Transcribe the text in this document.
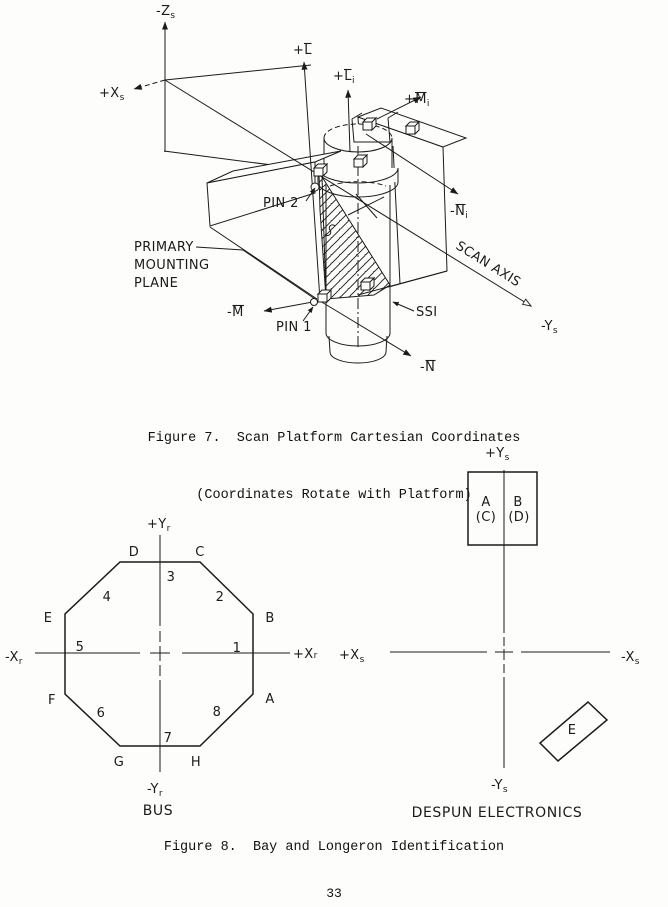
$-Z_s$
$+X_s$
$-Y_s$
+L
$+L_i$
$+M_i$
$-N_i$
-M
-N
PIN 2
PIN 1
PRIMARY
MOUNTING
PLANE
SSI
SCAN AXIS

Figure 7.  Scan Platform Cartesian Coordinates

(Coordinates Rotate with Platform)

A
B
C
D
E
F
G	H
1
2
3
4
5
6
7
8
$+Y_r$
$-Y_r$
+Xr
$-X_r$
BUS
A
(C)
B
(D)
E
$+Y_s$
$-Y_s$
$+X_s$	$-X_s$
DESPUN ELECTRONICS
Figure 8.  Bay and Longeron Identification
33
